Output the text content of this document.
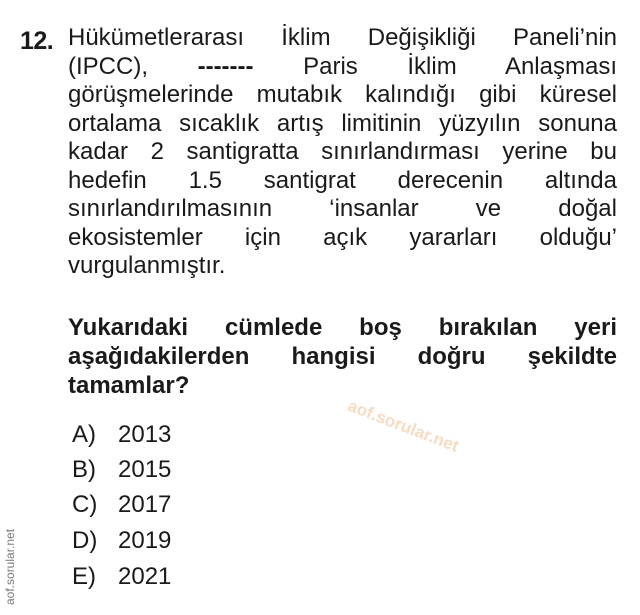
12. Hükümetlerarası İklim Değişikliği Paneli’nin
(IPCC), ------- Paris İklim Anlaşması
görüşmelerinde mutabık kalındığı gibi küresel
ortalama sıcaklık artış limitinin yüzyılın sonuna
kadar 2 santigratta sınırlandırması yerine bu
hedefin 1.5 santigrat derecenin altında
sınırlandırılmasının ‘insanlar ve doğal
ekosistemler için açık yararları olduğu’
vurgulanmıştır.
Yukarıdaki cümlede boş bırakılan yeri
aşağıdakilerden hangisi doğru şekildte
tamamlar?
A) 2013
B) 2015
C) 2017
D) 2019
E) 2021
aof.sorular.net
aof.sorular.net
